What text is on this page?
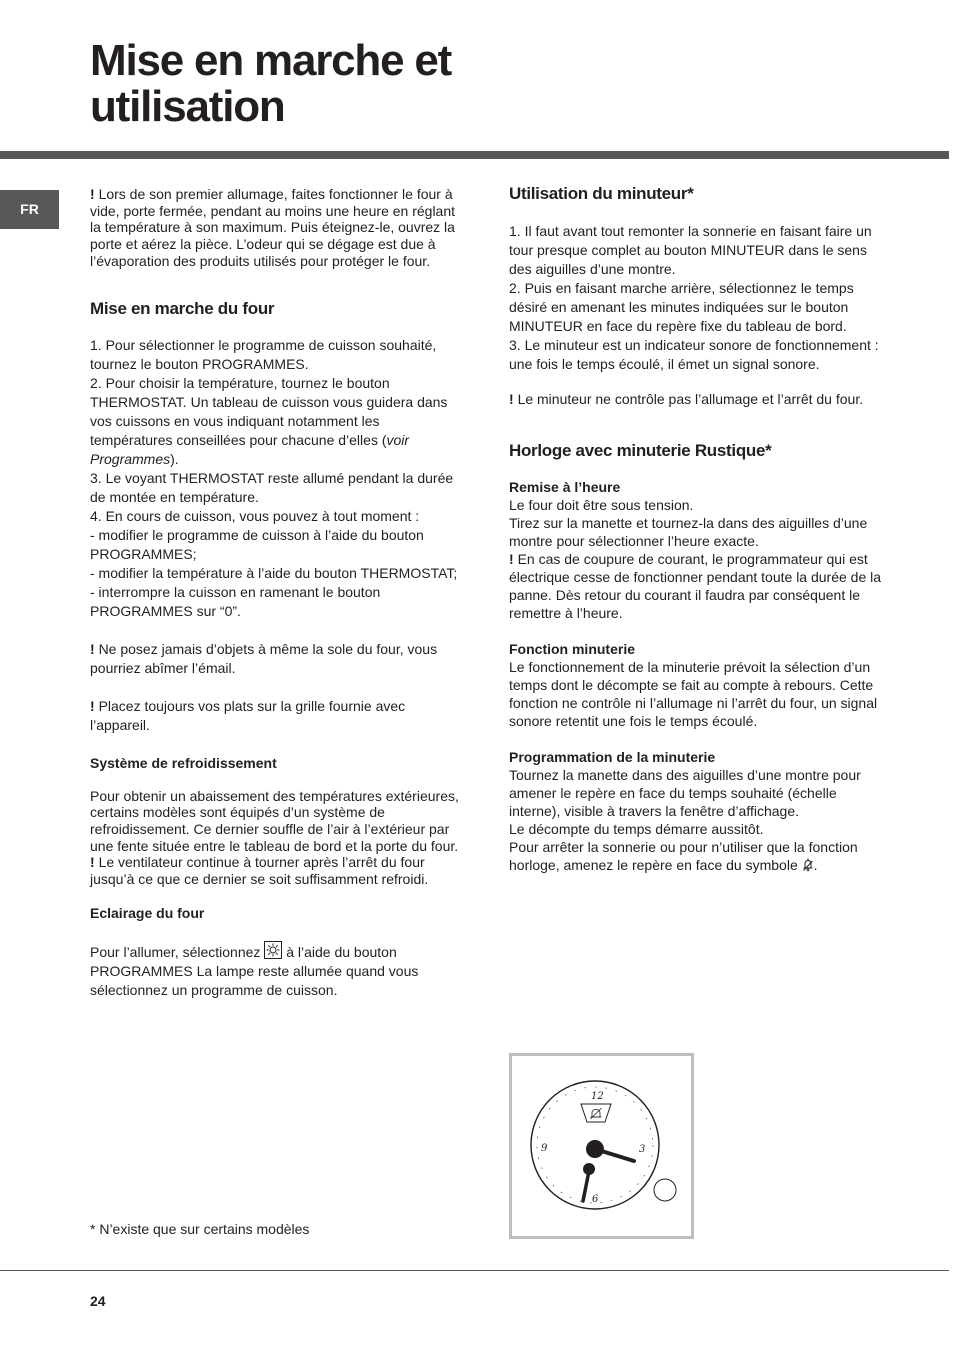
Mise en marche et
utilisation
FR

! Lors de son premier allumage, faites fonctionner le four à vide, porte fermée, pendant au moins une heure en réglant la température à son maximum. Puis éteignez-le, ouvrez la porte et aérez la pièce. L’odeur qui se dégage est due à l’évaporation des produits utilisés pour protéger le four.

Mise en marche du four

1. Pour sélectionner le programme de cuisson souhaité, tournez le bouton PROGRAMMES.

2. Pour choisir la température, tournez le bouton THERMOSTAT. Un tableau de cuisson vous guidera dans vos cuissons en vous indiquant notamment les températures conseillées pour chacune d’elles (voir Programmes).

3. Le voyant THERMOSTAT reste allumé pendant la durée de montée en température.

4. En cours de cuisson, vous pouvez à tout moment :

- modifier le programme de cuisson à l’aide du bouton PROGRAMMES;

- modifier la température à l’aide du bouton THERMOSTAT;

- interrompre la cuisson en ramenant le bouton PROGRAMMES sur “0”.

! Ne posez jamais d’objets à même la sole du four, vous pourriez abîmer l’émail.

! Placez toujours vos plats sur la grille fournie avec l’appareil.

Système de refroidissement

Pour obtenir un abaissement des températures extérieures, certains modèles sont équipés d’un système de refroidissement. Ce dernier souffle de l’air à l’extérieur par une fente située entre le tableau de bord et la porte du four.

! Le ventilateur continue à tourner après l’arrêt du four jusqu’à ce que ce dernier se soit suffisamment refroidi.

Eclairage du four

Pour l’allumer, sélectionnez à l’aide du bouton PROGRAMMES La lampe reste allumée quand vous sélectionnez un programme de cuisson.

Utilisation du minuteur*

1. Il faut avant tout remonter la sonnerie en faisant faire un tour presque complet au bouton MINUTEUR dans le sens des aiguilles d’une montre.

2. Puis en faisant marche arrière, sélectionnez le temps désiré en amenant les minutes indiquées sur le bouton MINUTEUR en face du repère fixe du tableau de bord.

3. Le minuteur est un indicateur sonore de fonctionnement : une fois le temps écoulé, il émet un signal sonore.

! Le minuteur ne contrôle pas l’allumage et l’arrêt du four.

Horloge avec minuterie Rustique*
Remise à l’heure

Le four doit être sous tension.

Tirez sur la manette et tournez-la dans des aiguilles d’une montre pour sélectionner l’heure exacte.

! En cas de coupure de courant, le programmateur qui est électrique cesse de fonctionner pendant toute la durée de la panne. Dès retour du courant il faudra par conséquent le remettre à l’heure.

Fonction minuterie

Le fonctionnement de la minuterie prévoit la sélection d’un temps dont le décompte se fait au compte à rebours. Cette fonction ne contrôle ni l’allumage ni l’arrêt du four, un signal sonore retentit une fois le temps écoulé.

Programmation de la minuterie

Tournez la manette dans des aiguilles d’une montre pour amener le repère en face du temps souhaité (échelle interne), visible à travers la fenêtre d’affichage.

Le décompte du temps démarre aussitôt.

Pour arrêter la sonnerie ou pour n’utiliser que la fonction horloge, amenez le repère en face du symbole .

12
3
6
9
* N’existe que sur certains modèles
24
